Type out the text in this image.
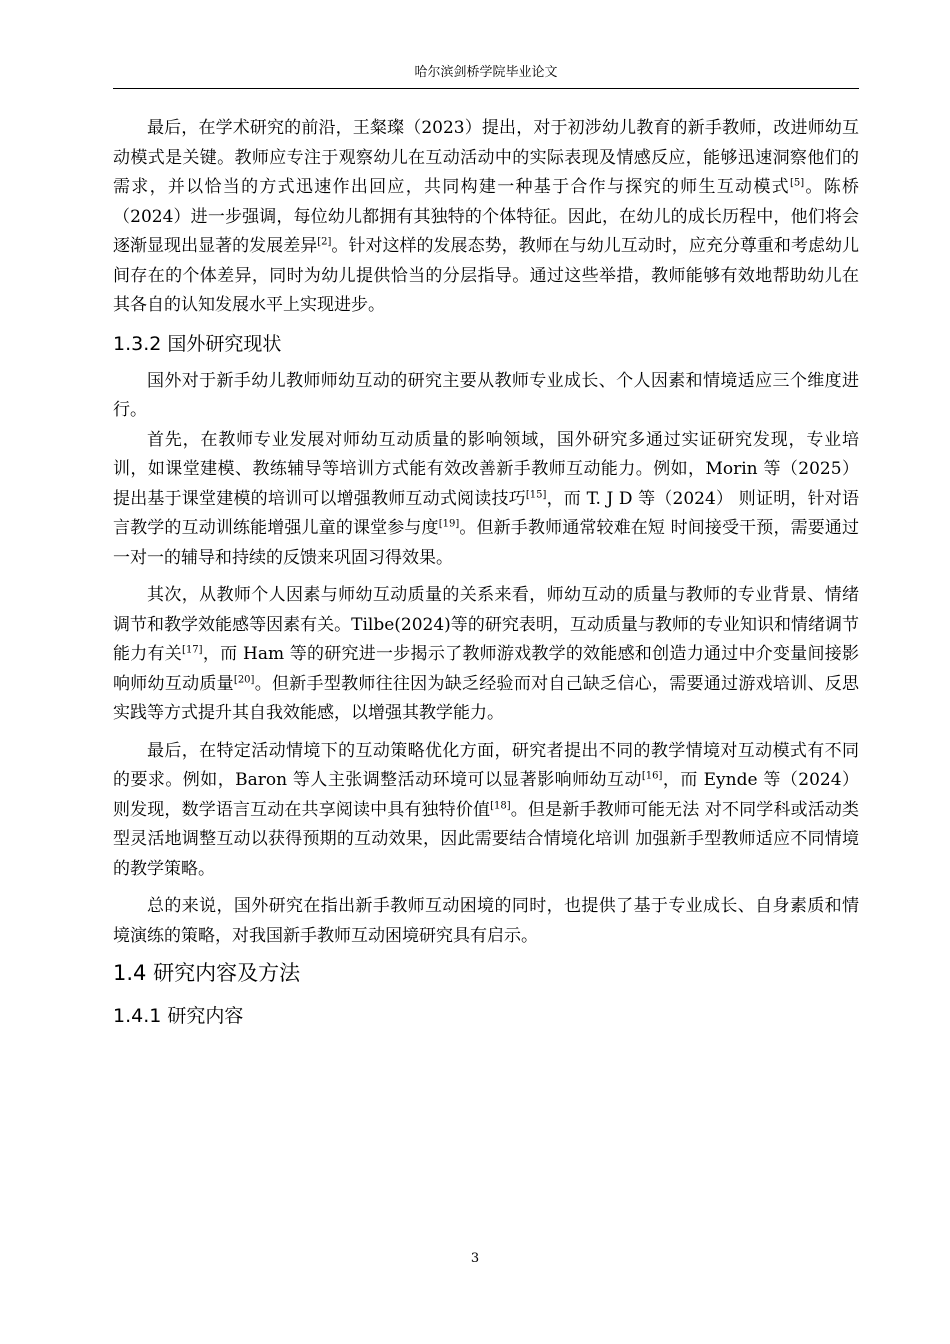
哈尔滨剑桥学院毕业论文

最后，在学术研究的前沿，王粲璨（2023）提出，对于初涉幼儿教育的新手教师，改进师幼互动模式是关键。教师应专注于观察幼儿在互动活动中的实际表现及情感反应，能够迅速洞察他们的需求，并以恰当的方式迅速作出回应，共同构建一种基于合作与探究的师生互动模式[5]。陈桥（2024）进一步强调，每位幼儿都拥有其独特的个体特征。因此，在幼儿的成长历程中，他们将会逐渐显现出显著的发展差异[2]。针对这样的发展态势，教师在与幼儿互动时，应充分尊重和考虑幼儿间存在的个体差异，同时为幼儿提供恰当的分层指导。通过这些举措，教师能够有效地帮助幼儿在其各自的认知发展水平上实现进步。

1.3.2 国外研究现状

国外对于新手幼儿教师师幼互动的研究主要从教师专业成长、个人因素和情境适应三个维度进行。

首先，在教师专业发展对师幼互动质量的影响领域，国外研究多通过实证研究发现，专业培训，如课堂建模、教练辅导等培训方式能有效改善新手教师互动能力。例如，Morin 等（2025）提出基于课堂建模的培训可以增强教师互动式阅读技巧[15]，而 T. J D 等（2024） 则证明，针对语言教学的互动训练能增强儿童的课堂参与度[19]。但新手教师通常较难在短 时间接受干预，需要通过一对一的辅导和持续的反馈来巩固习得效果。

其次，从教师个人因素与师幼互动质量的关系来看，师幼互动的质量与教师的专业背景、情绪调节和教学效能感等因素有关。Tilbe(2024)等的研究表明，互动质量与教师的专业知识和情绪调节能力有关[17]，而 Ham 等的研究进一步揭示了教师游戏教学的效能感和创造力通过中介变量间接影响师幼互动质量[20]。但新手型教师往往因为缺乏经验而对自己缺乏信心，需要通过游戏培训、反思实践等方式提升其自我效能感，以增强其教学能力。

最后，在特定活动情境下的互动策略优化方面，研究者提出不同的教学情境对互动模式有不同的要求。例如，Baron 等人主张调整活动环境可以显著影响师幼互动[16]，而 Eynde 等（2024）则发现，数学语言互动在共享阅读中具有独特价值[18]。但是新手教师可能无法 对不同学科或活动类型灵活地调整互动以获得预期的互动效果，因此需要结合情境化培训 加强新手型教师适应不同情境的教学策略。

总的来说，国外研究在指出新手教师互动困境的同时，也提供了基于专业成长、自身素质和情境演练的策略，对我国新手教师互动困境研究具有启示。

1.4 研究内容及方法
1.4.1 研究内容
3
